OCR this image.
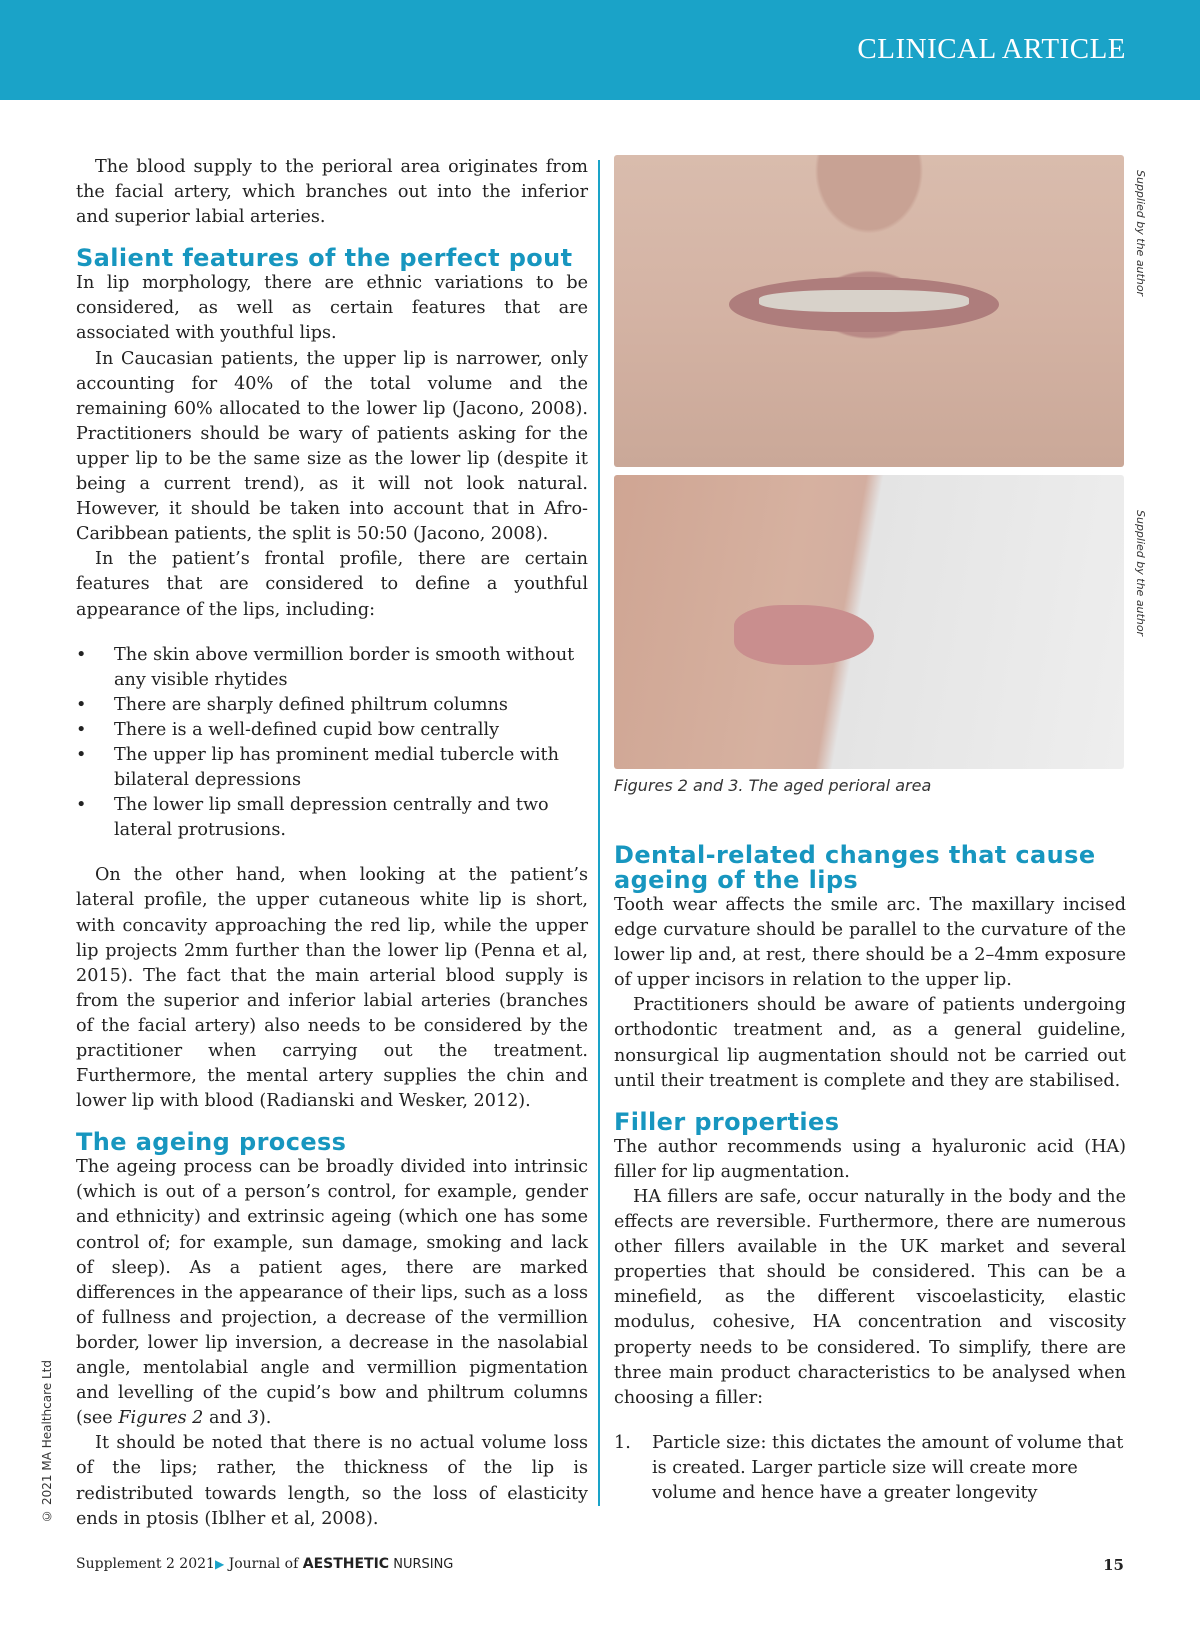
CLINICAL ARTICLE

The blood supply to the perioral area originates from the facial artery, which branches out into the inferior and superior labial arteries.

Salient features of the perfect pout

In lip morphology, there are ethnic variations to be considered, as well as certain features that are associated with youthful lips.

In Caucasian patients, the upper lip is narrower, only accounting for 40% of the total volume and the remaining 60% allocated to the lower lip (Jacono, 2008). Practitioners should be wary of patients asking for the upper lip to be the same size as the lower lip (despite it being a current trend), as it will not look natural. However, it should be taken into account that in Afro-Caribbean patients, the split is 50:50 (Jacono, 2008).

In the patient’s frontal profile, there are certain features that are considered to define a youthful appearance of the lips, including:

• The skin above vermillion border is smooth without any visible rhytides
• There are sharply defined philtrum columns
• There is a well-defined cupid bow centrally
• The upper lip has prominent medial tubercle with bilateral depressions
• The lower lip small depression centrally and two lateral protrusions.

On the other hand, when looking at the patient’s lateral profile, the upper cutaneous white lip is short, with concavity approaching the red lip, while the upper lip projects 2mm further than the lower lip (Penna et al, 2015). The fact that the main arterial blood supply is from the superior and inferior labial arteries (branches of the facial artery) also needs to be considered by the practitioner when carrying out the treatment. Furthermore, the mental artery supplies the chin and lower lip with blood (Radianski and Wesker, 2012).

The ageing process

The ageing process can be broadly divided into intrinsic (which is out of a person’s control, for example, gender and ethnicity) and extrinsic ageing (which one has some control of; for example, sun damage, smoking and lack of sleep). As a patient ages, there are marked differences in the appearance of their lips, such as a loss of fullness and projection, a decrease of the vermillion border, lower lip inversion, a decrease in the nasolabial angle, mentolabial angle and vermillion pigmentation and levelling of the cupid’s bow and philtrum columns (see Figures 2 and 3).

It should be noted that there is no actual volume loss of the lips; rather, the thickness of the lip is redistributed towards length, so the loss of elasticity ends in ptosis (Iblher et al, 2008).

Figures 2 and 3. The aged perioral area
Dental-related changes that cause ageing of the lips

Tooth wear affects the smile arc. The maxillary incised edge curvature should be parallel to the curvature of the lower lip and, at rest, there should be a 2–4mm exposure of upper incisors in relation to the upper lip.

Practitioners should be aware of patients undergoing orthodontic treatment and, as a general guideline, nonsurgical lip augmentation should not be carried out until their treatment is complete and they are stabilised.

Filler properties

The author recommends using a hyaluronic acid (HA) filler for lip augmentation.

HA fillers are safe, occur naturally in the body and the effects are reversible. Furthermore, there are numerous other fillers available in the UK market and several properties that should be considered. This can be a minefield, as the different viscoelasticity, elastic modulus, cohesive, HA concentration and viscosity property needs to be considered. To simplify, there are three main product characteristics to be analysed when choosing a filler:

1. Particle size: this dictates the amount of volume that is created. Larger particle size will create more volume and hence have a greater longevity
Supplied by the author
Supplied by the author
© 2021 MA Healthcare Ltd
Supplement 2 2021▶ Journal of AESTHETIC NURSING	15
